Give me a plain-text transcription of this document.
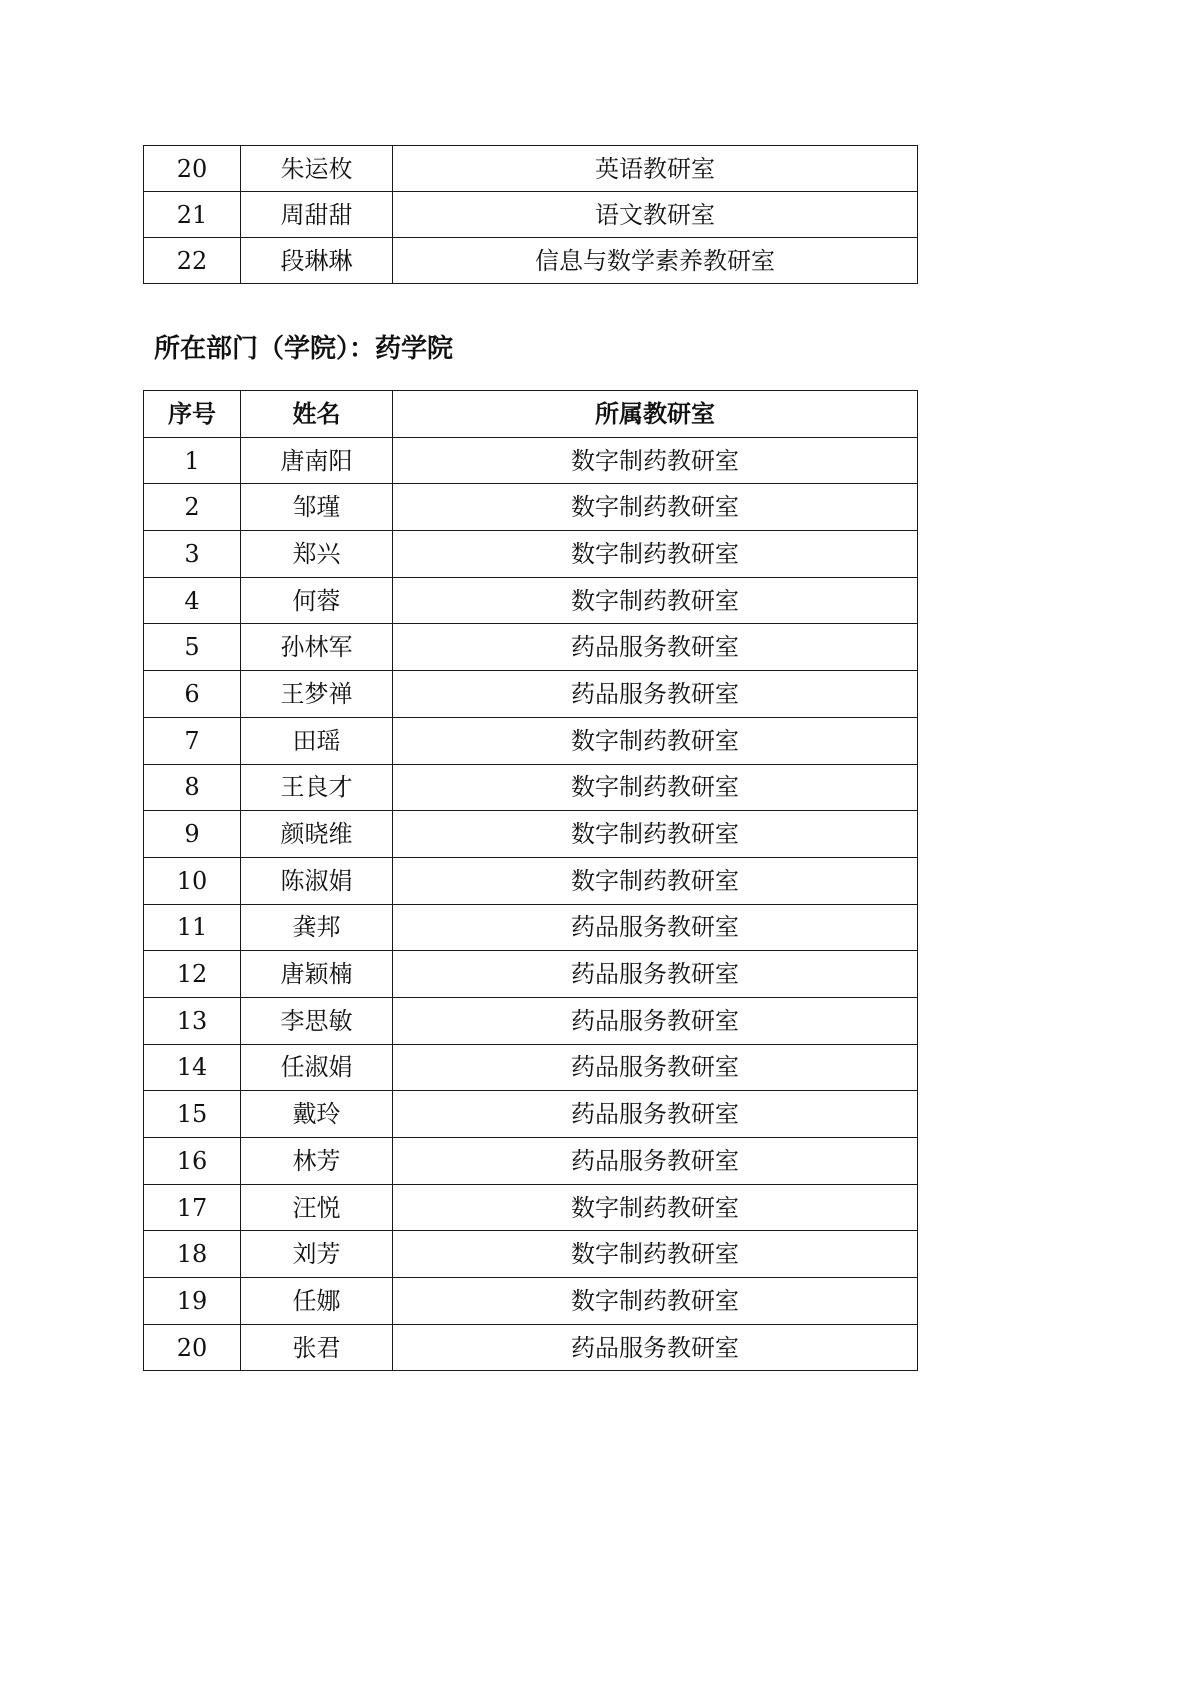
20	朱运枚	英语教研室
21	周甜甜	语文教研室
22	段琳琳	信息与数学素养教研室
所在部门（学院）：药学院
序号	姓名	所属教研室
1	唐南阳	数字制药教研室
2	邹瑾	数字制药教研室
3	郑兴	数字制药教研室
4	何蓉	数字制药教研室
5	孙林军	药品服务教研室
6	王梦禅	药品服务教研室
7	田瑶	数字制药教研室
8	王良才	数字制药教研室
9	颜晓维	数字制药教研室
10	陈淑娟	数字制药教研室
11	龚邦	药品服务教研室
12	唐颖楠	药品服务教研室
13	李思敏	药品服务教研室
14	任淑娟	药品服务教研室
15	戴玲	药品服务教研室
16	林芳	药品服务教研室
17	汪悦	数字制药教研室
18	刘芳	数字制药教研室
19	任娜	数字制药教研室
20	张君	药品服务教研室
